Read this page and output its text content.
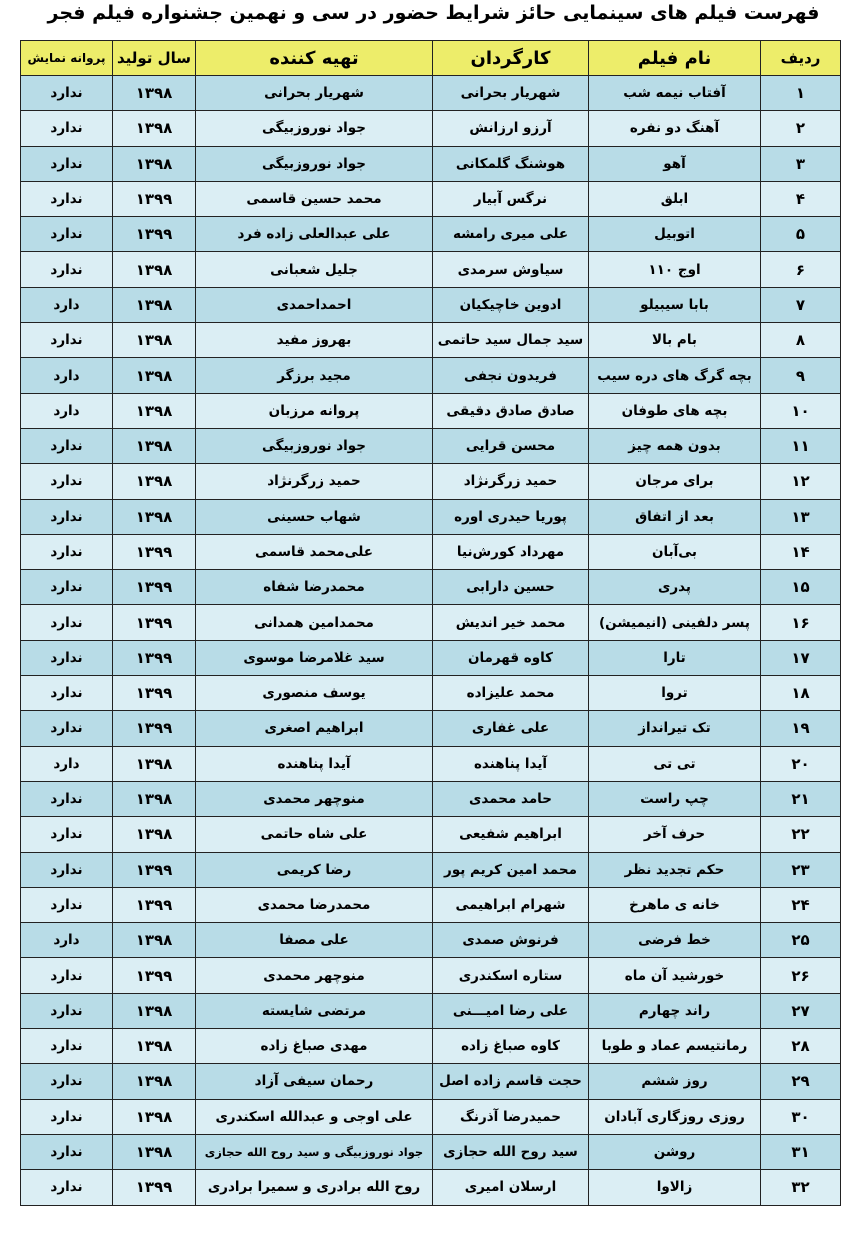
فهرست فیلم های سینمایی حائز شرایط حضور در سی و نهمین جشنواره فیلم فجر
ردیف	نام فیلم	کارگردان	تهیه کننده	سال تولید	پروانه نمایش
۱	آفتاب نیمه شب	شهریار بحرانی	شهریار بحرانی	۱۳۹۸	ندارد
۲	آهنگ دو نفره	آرزو ارزانش	جواد نوروزبیگی	۱۳۹۸	ندارد
۳	آهو	هوشنگ گلمکانی	جواد نوروزبیگی	۱۳۹۸	ندارد
۴	ابلق	نرگس آبیار	محمد حسین قاسمی	۱۳۹۹	ندارد
۵	اتوبیل	علی میری رامشه	علی عبدالعلی زاده فرد	۱۳۹۹	ندارد
۶	اوج ۱۱۰	سیاوش سرمدی	جلیل شعبانی	۱۳۹۸	ندارد
۷	بابا سیبیلو	ادوین خاچیکیان	احمداحمدی	۱۳۹۸	دارد
۸	بام بالا	سید جمال سید حاتمی	بهروز مفید	۱۳۹۸	ندارد
۹	بچه گرگ های دره سیب	فریدون نجفی	مجید برزگر	۱۳۹۸	دارد
۱۰	بچه های طوفان	صادق صادق دقیقی	پروانه مرزبان	۱۳۹۸	دارد
۱۱	بدون همه چیز	محسن قرایی	جواد نوروزبیگی	۱۳۹۸	ندارد
۱۲	برای مرجان	حمید زرگرنژاد	حمید زرگرنژاد	۱۳۹۸	ندارد
۱۳	بعد از اتفاق	پوریا حیدری اوره	شهاب حسینی	۱۳۹۸	ندارد
۱۴	بی‌آبان	مهرداد کورش‌نیا	علی‌محمد قاسمی	۱۳۹۹	ندارد
۱۵	پدری	حسین دارابی	محمدرضا شفاه	۱۳۹۹	ندارد
۱۶	پسر دلفینی (انیمیشن)	محمد خیر اندیش	محمدامین همدانی	۱۳۹۹	ندارد
۱۷	تارا	کاوه قهرمان	سید غلامرضا موسوی	۱۳۹۹	ندارد
۱۸	تروا	محمد علیزاده	یوسف منصوری	۱۳۹۹	ندارد
۱۹	تک تیرانداز	علی غفاری	ابراهیم اصغری	۱۳۹۹	ندارد
۲۰	تی تی	آیدا پناهنده	آیدا پناهنده	۱۳۹۸	دارد
۲۱	چپ راست	حامد محمدی	منوچهر محمدی	۱۳۹۸	ندارد
۲۲	حرف آخر	ابراهیم شفیعی	علی شاه حاتمی	۱۳۹۸	ندارد
۲۳	حکم تجدید نظر	محمد امین کریم پور	رضا کریمی	۱۳۹۹	ندارد
۲۴	خانه ی ماهرخ	شهرام ابراهیمی	محمدرضا محمدی	۱۳۹۹	ندارد
۲۵	خط فرضی	فرنوش صمدی	علی مصفا	۱۳۹۸	دارد
۲۶	خورشید آن ماه	ستاره اسکندری	منوچهر محمدی	۱۳۹۹	ندارد
۲۷	راند چهارم	علی رضا امیـــنی	مرتضی شایسته	۱۳۹۸	ندارد
۲۸	رمانتیسم عماد و طوبا	کاوه صباغ زاده	مهدی صباغ زاده	۱۳۹۸	ندارد
۲۹	روز ششم	حجت قاسم زاده اصل	رحمان سیفی آزاد	۱۳۹۸	ندارد
۳۰	روزی روزگاری آبادان	حمیدرضا آذرنگ	علی اوجی و عبدالله اسکندری	۱۳۹۸	ندارد
۳۱	روشن	سید روح الله حجازی	جواد نوروزبیگی و سید روح الله حجازی	۱۳۹۸	ندارد
۳۲	زالاوا	ارسلان امیری	روح الله برادری و سمیرا برادری	۱۳۹۹	ندارد
